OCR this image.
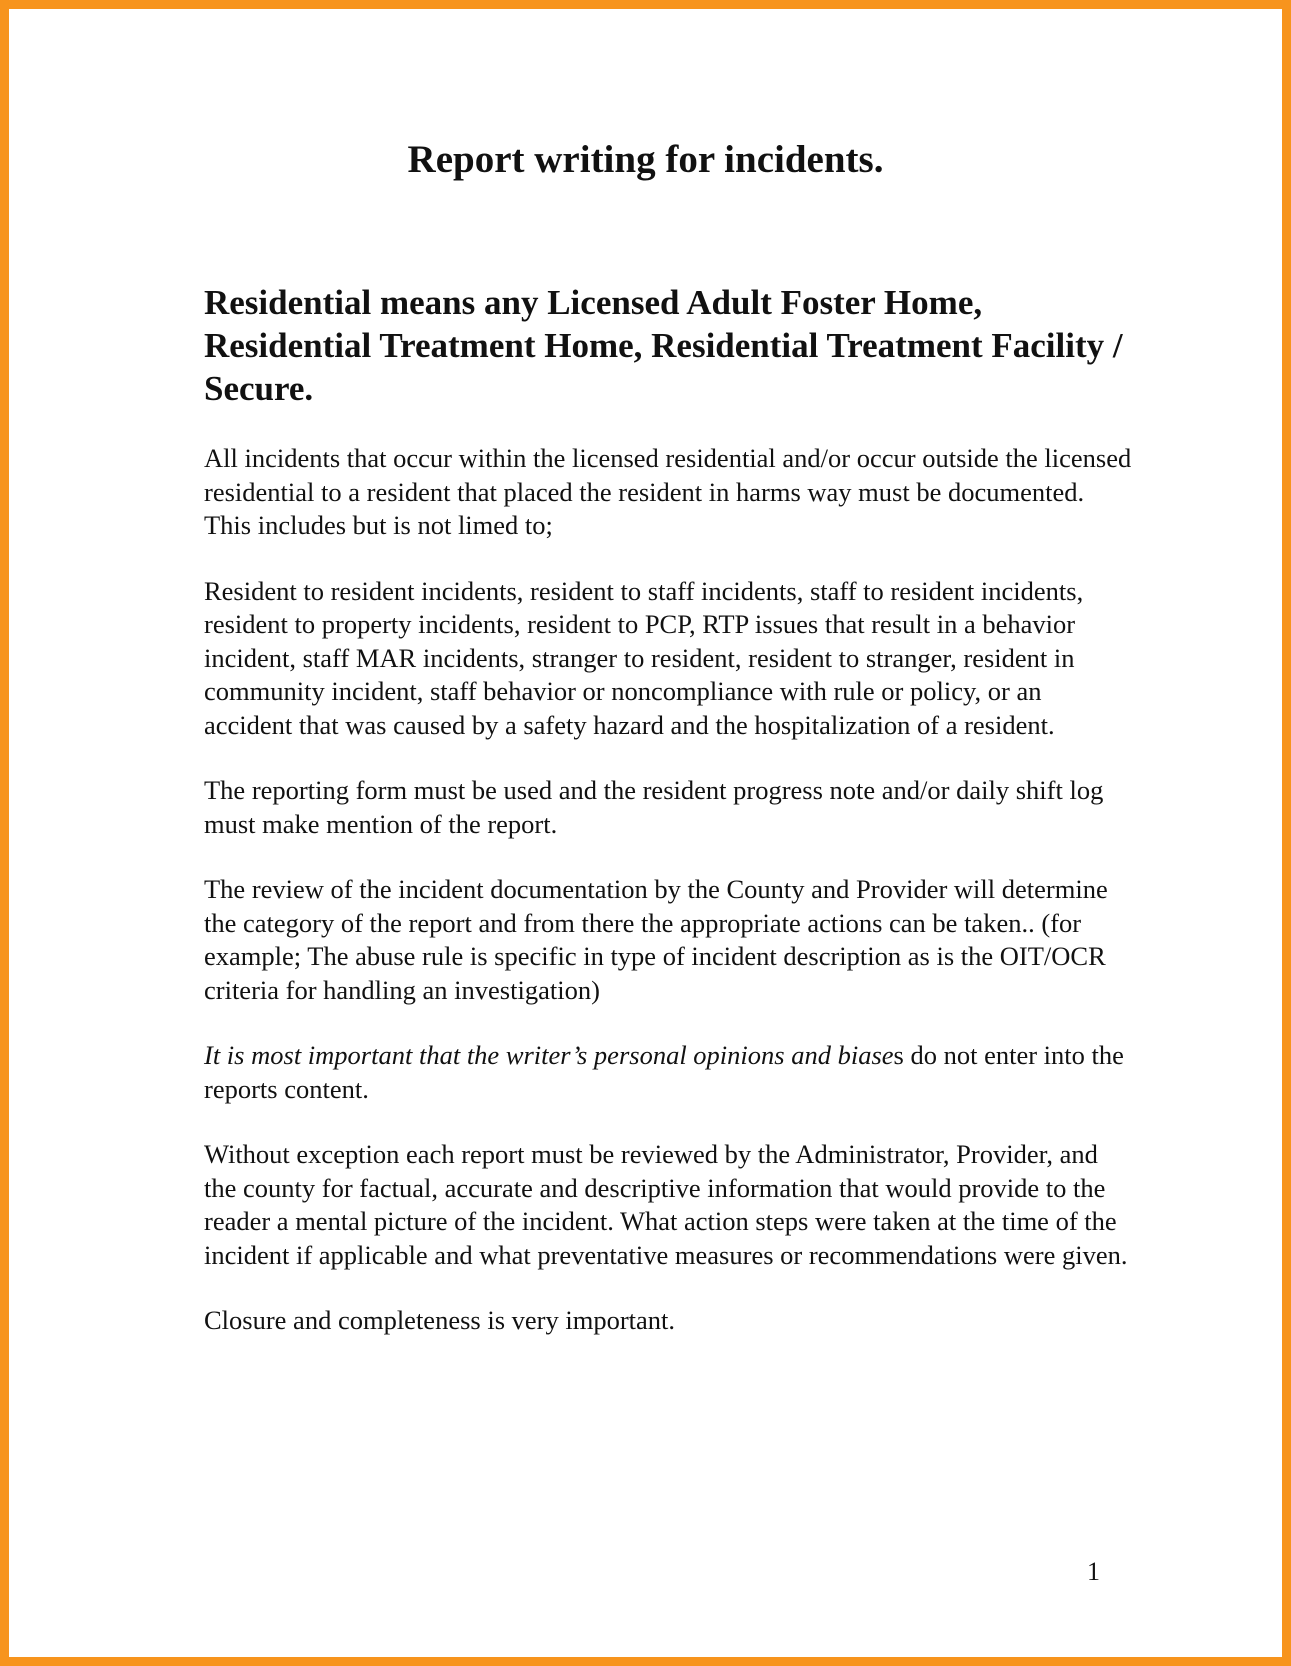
Report writing for incidents.

Residential means any Licensed Adult Foster Home, Residential Treatment Home, Residential Treatment Facility / Secure.

All incidents that occur within the licensed residential and/or occur outside the licensed residential to a resident that placed the resident in harms way must be documented. This includes but is not limed to;

Resident to resident incidents, resident to staff incidents, staff to resident incidents, resident to property incidents, resident to PCP, RTP issues that result in a behavior incident, staff MAR incidents, stranger to resident, resident to stranger, resident in community incident, staff behavior or noncompliance with rule or policy, or an accident that was caused by a safety hazard and the hospitalization of a resident.

The reporting form must be used and the resident progress note and/or daily shift log must make mention of the report.

The review of the incident documentation by the County and Provider will determine the category of the report and from there the appropriate actions can be taken.. (for example; The abuse rule is specific in type of incident description as is the OIT/OCR criteria for handling an investigation)

It is most important that the writer’s personal opinions and biases do not enter into the reports content.

Without exception each report must be reviewed by the Administrator, Provider, and the county for factual, accurate and descriptive information that would provide to the reader a mental picture of the incident. What action steps were taken at the time of the incident if applicable and what preventative measures or recommendations were given.

Closure and completeness is very important.

1
